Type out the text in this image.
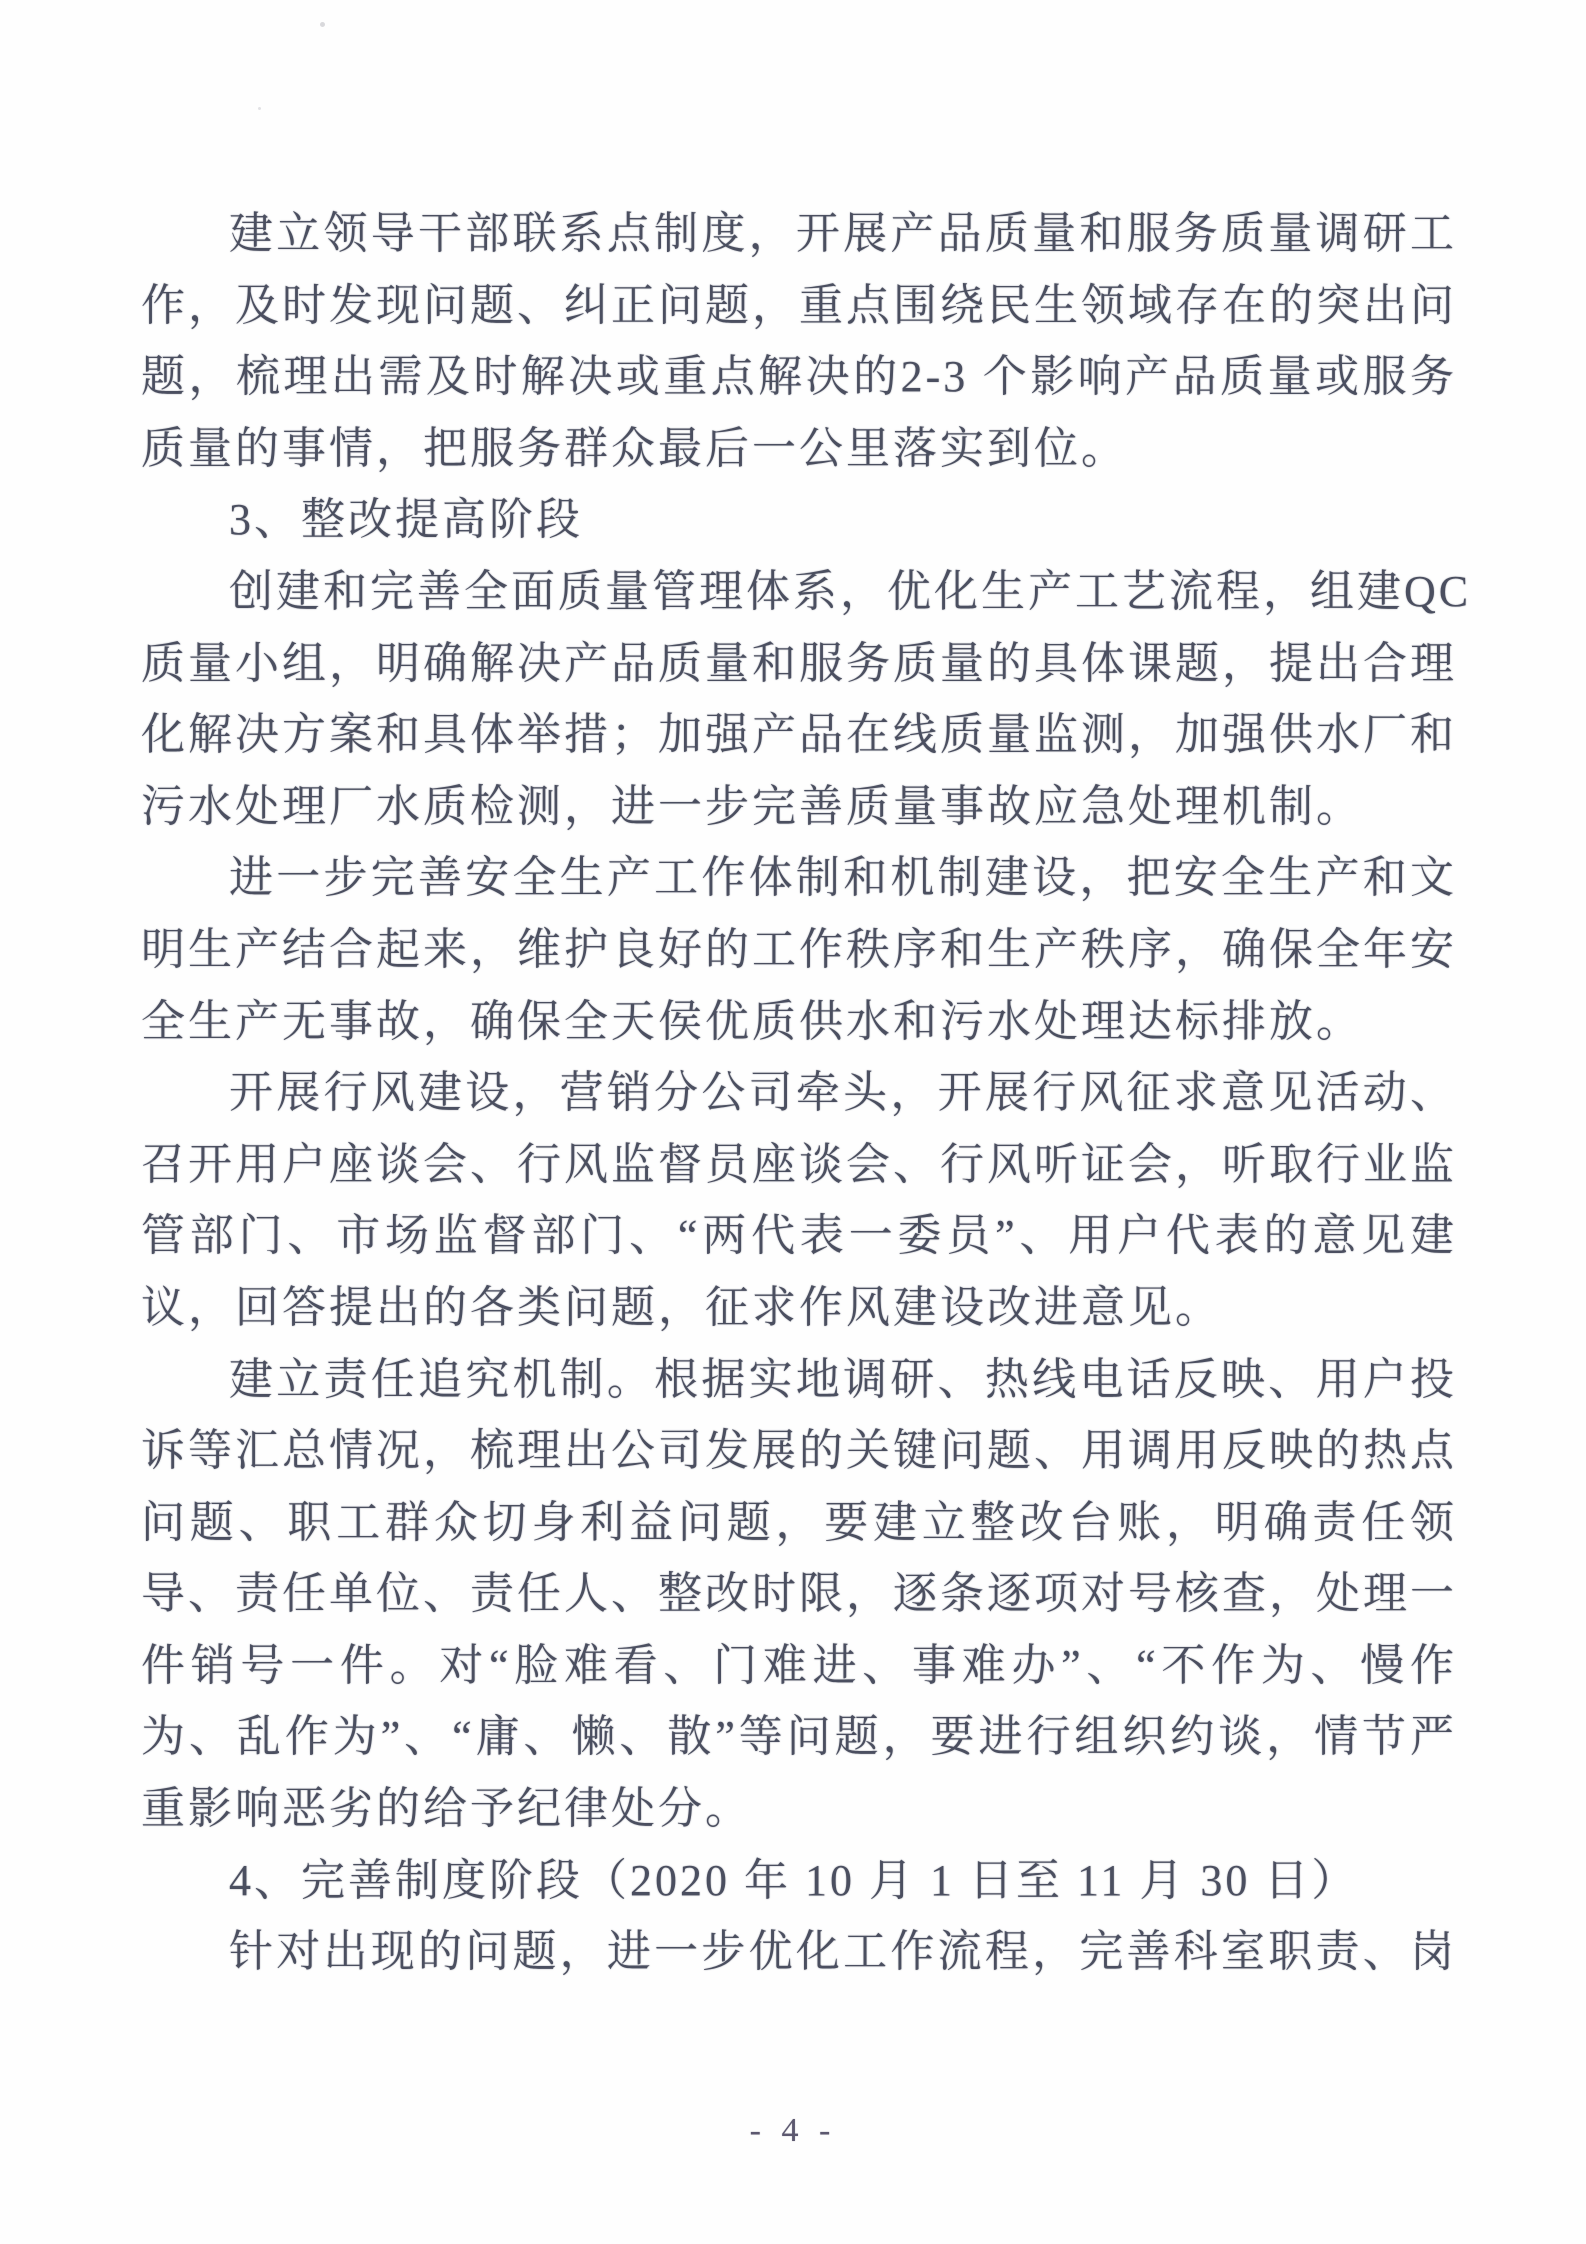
建立领导干部联系点制度，开展产品质量和服务质量调研工
作，及时发现问题、纠正问题，重点围绕民生领域存在的突出问
题，梳理出需及时解决或重点解决的2-3 个影响产品质量或服务
质量的事情，把服务群众最后一公里落实到位。
3、整改提高阶段
创建和完善全面质量管理体系，优化生产工艺流程，组建QC
质量小组，明确解决产品质量和服务质量的具体课题，提出合理
化解决方案和具体举措；加强产品在线质量监测，加强供水厂和
污水处理厂水质检测，进一步完善质量事故应急处理机制。
进一步完善安全生产工作体制和机制建设，把安全生产和文
明生产结合起来，维护良好的工作秩序和生产秩序，确保全年安
全生产无事故，确保全天侯优质供水和污水处理达标排放。
开展行风建设，营销分公司牵头，开展行风征求意见活动、
召开用户座谈会、行风监督员座谈会、行风听证会，听取行业监
管部门、市场监督部门、“两代表一委员”、用户代表的意见建
议，回答提出的各类问题，征求作风建设改进意见。
建立责任追究机制。根据实地调研、热线电话反映、用户投
诉等汇总情况，梳理出公司发展的关键问题、用调用反映的热点
问题、职工群众切身利益问题，要建立整改台账，明确责任领
导、责任单位、责任人、整改时限，逐条逐项对号核查，处理一
件销号一件。对“脸难看、门难进、事难办”、“不作为、慢作
为、乱作为”、“庸、懒、散”等问题，要进行组织约谈，情节严
重影响恶劣的给予纪律处分。
4、完善制度阶段（2020 年 10 月 1 日至 11 月 30 日）
针对出现的问题，进一步优化工作流程，完善科室职责、岗
- 4 -
